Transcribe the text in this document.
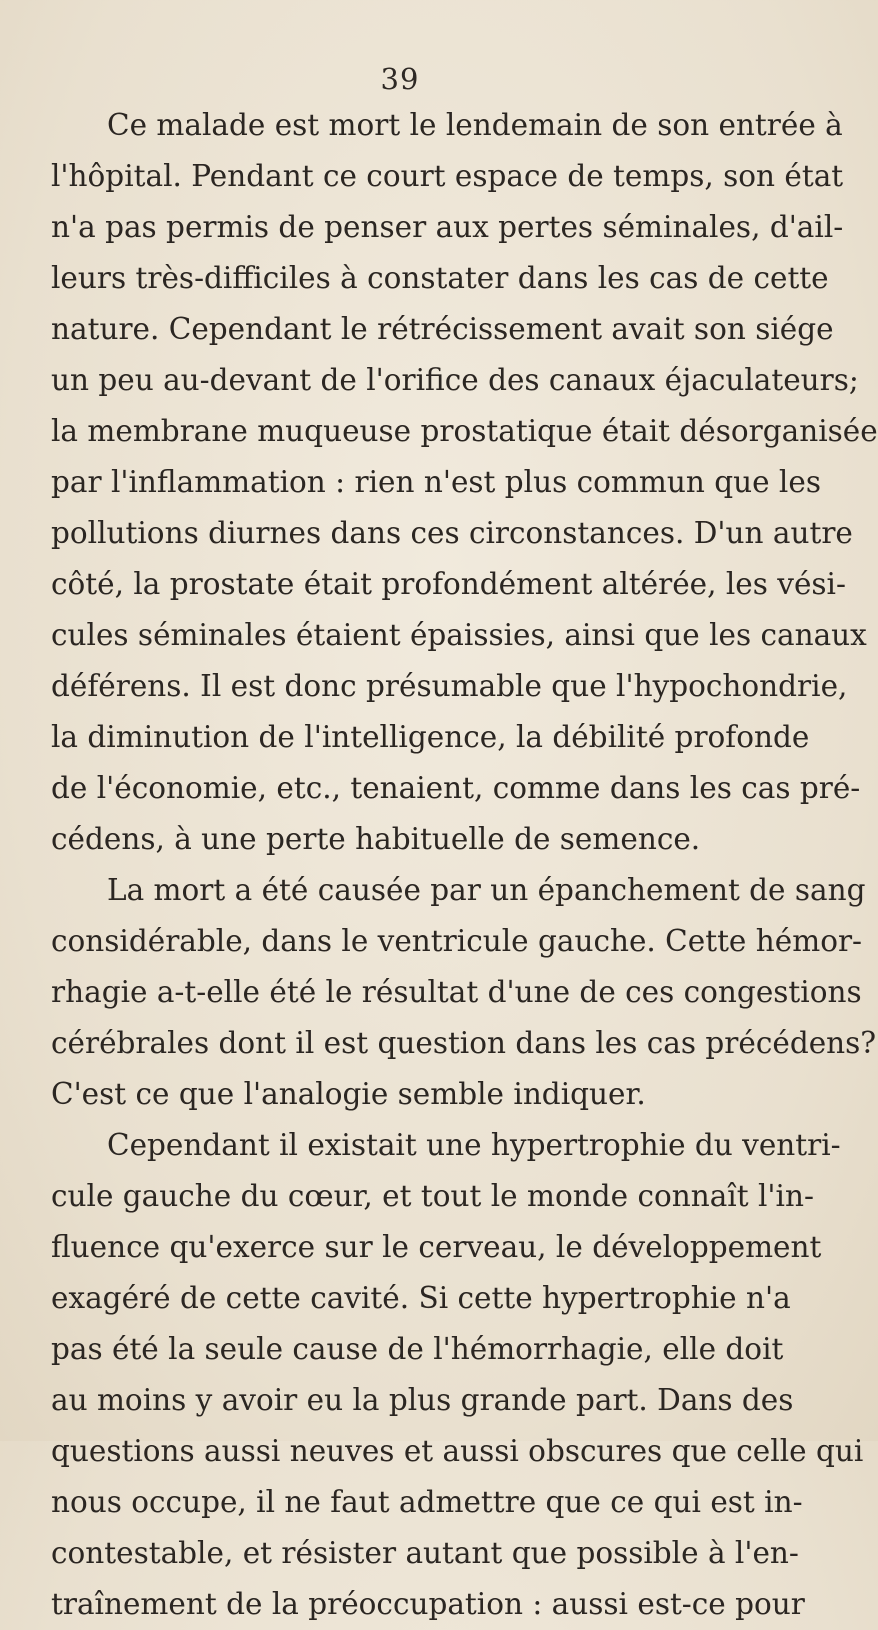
39
Ce malade est mort le lendemain de son entrée à
l'hôpital. Pendant ce court espace de temps, son état
n'a pas permis de penser aux pertes séminales, d'ail-
leurs très-difficiles à constater dans les cas de cette
nature. Cependant le rétrécissement avait son siége
un peu au-devant de l'orifice des canaux éjaculateurs;
la membrane muqueuse prostatique était désorganisée
par l'inflammation : rien n'est plus commun que les
pollutions diurnes dans ces circonstances. D'un autre
côté, la prostate était profondément altérée, les vési-
cules séminales étaient épaissies, ainsi que les canaux
déférens. Il est donc présumable que l'hypochondrie,
la diminution de l'intelligence, la débilité profonde
de l'économie, etc., tenaient, comme dans les cas pré-
cédens, à une perte habituelle de semence.
La mort a été causée par un épanchement de sang
considérable, dans le ventricule gauche. Cette hémor-
rhagie a-t-elle été le résultat d'une de ces congestions
cérébrales dont il est question dans les cas précédens?
C'est ce que l'analogie semble indiquer.
Cependant il existait une hypertrophie du ventri-
cule gauche du cœur, et tout le monde connaît l'in-
fluence qu'exerce sur le cerveau, le développement
exagéré de cette cavité. Si cette hypertrophie n'a
pas été la seule cause de l'hémorrhagie, elle doit
au moins y avoir eu la plus grande part. Dans des
questions aussi neuves et aussi obscures que celle qui
nous occupe, il ne faut admettre que ce qui est in-
contestable, et résister autant que possible à l'en-
traînement de la préoccupation : aussi est-ce pour
